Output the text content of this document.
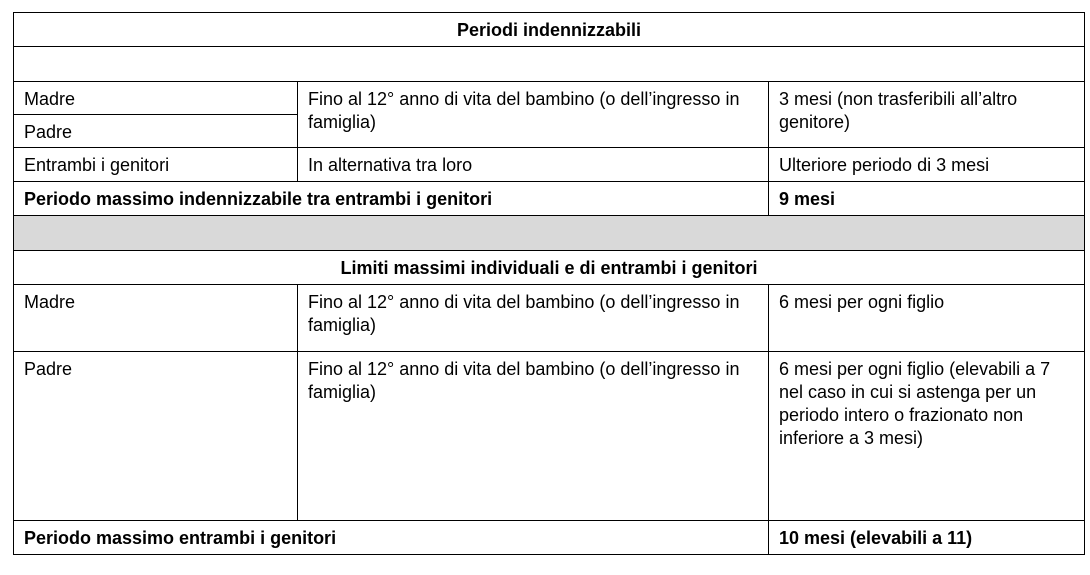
Periodi indennizzabili		

Madre	Fino al 12° anno di vita del bambino (o dell’ingresso in famiglia)	3 mesi (non trasferibili all’altro genitore)
Padre		
Entrambi i genitori	In alternativa tra loro	Ulteriore periodo di 3 mesi
Periodo massimo indennizzabile tra entrambi i genitori		9 mesi

Limiti massimi individuali e di entrambi i genitori		
Madre	Fino al 12° anno di vita del bambino (o dell’ingresso in famiglia)	6 mesi per ogni figlio
Padre	Fino al 12° anno di vita del bambino (o dell’ingresso in famiglia)	6 mesi per ogni figlio (elevabili a 7 nel caso in cui si astenga per un periodo intero o frazionato non inferiore a 3 mesi)
Periodo massimo entrambi i genitori		10 mesi (elevabili a 11)
